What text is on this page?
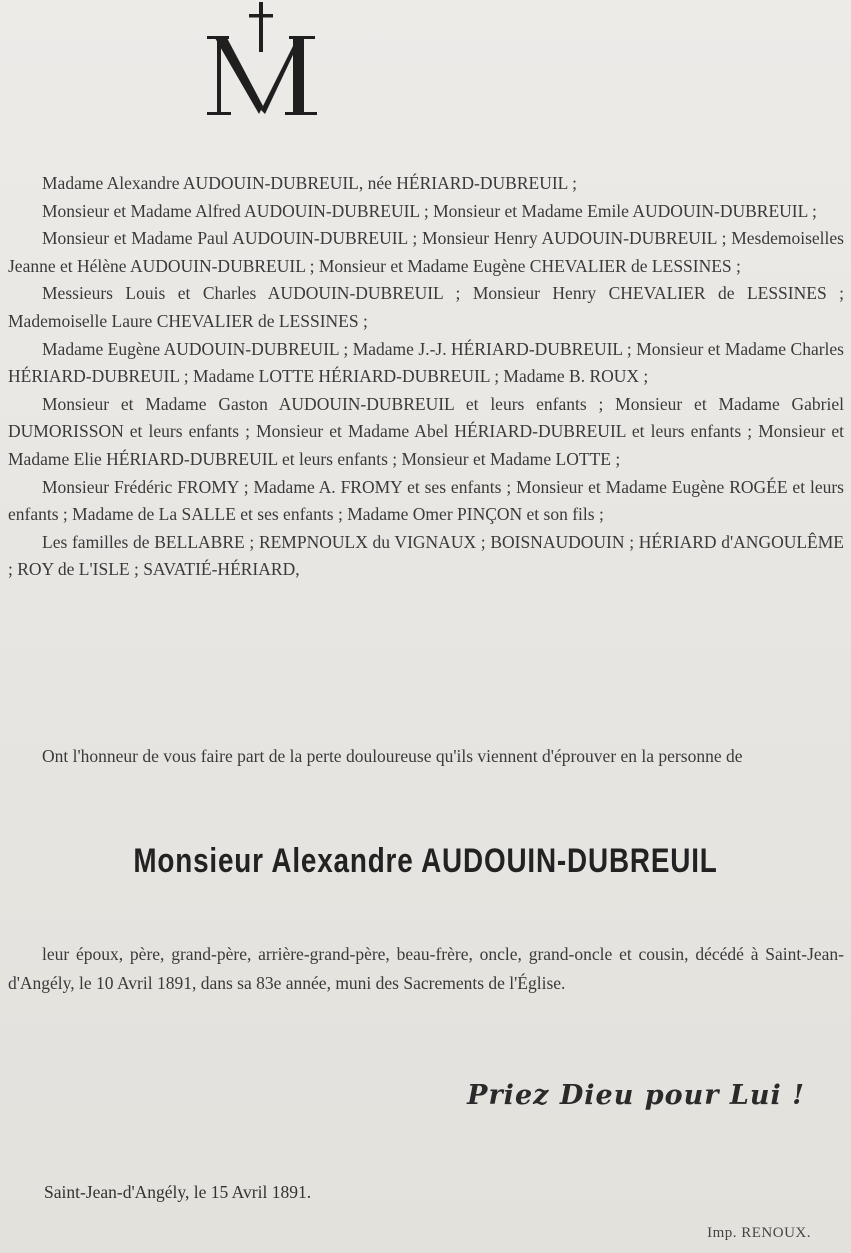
Madame Alexandre AUDOUIN-DUBREUIL, née HÉRIARD-DUBREUIL ;

Monsieur et Madame Alfred AUDOUIN-DUBREUIL ; Monsieur et Madame Emile AUDOUIN-DUBREUIL ;

Monsieur et Madame Paul AUDOUIN-DUBREUIL ; Monsieur Henry AUDOUIN-DUBREUIL ; Mesdemoiselles Jeanne et Hélène AUDOUIN-DUBREUIL ; Monsieur et Madame Eugène CHEVALIER de LESSINES ;

Messieurs Louis et Charles AUDOUIN-DUBREUIL ; Monsieur Henry CHEVALIER de LESSINES ; Mademoiselle Laure CHEVALIER de LESSINES ;

Madame Eugène AUDOUIN-DUBREUIL ; Madame J.-J. HÉRIARD-DUBREUIL ; Monsieur et Madame Charles HÉRIARD-DUBREUIL ; Madame LOTTE HÉRIARD-DUBREUIL ; Madame B. ROUX ;

Monsieur et Madame Gaston AUDOUIN-DUBREUIL et leurs enfants ; Monsieur et Madame Gabriel DUMORISSON et leurs enfants ; Monsieur et Madame Abel HÉRIARD-DUBREUIL et leurs enfants ; Monsieur et Madame Elie HÉRIARD-DUBREUIL et leurs enfants ; Monsieur et Madame LOTTE ;

Monsieur Frédéric FROMY ; Madame A. FROMY et ses enfants ; Monsieur et Madame Eugène ROGÉE et leurs enfants ; Madame de La SALLE et ses enfants ; Madame Omer PINÇON et son fils ;

Les familles de BELLABRE ; REMPNOULX du VIGNAUX ; BOISNAUDOUIN ; HÉRIARD d'ANGOULÊME ; ROY de L'ISLE ; SAVATIÉ-HÉRIARD,

Ont l'honneur de vous faire part de la perte douloureuse qu'ils viennent d'éprouver en la personne de
Monsieur Alexandre AUDOUIN-DUBREUIL
leur époux, père, grand-père, arrière-grand-père, beau-frère, oncle, grand-oncle et cousin, décédé à Saint-Jean-d'Angély, le 10 Avril 1891, dans sa 83e année, muni des Sacrements de l'Église.
Priez Dieu pour Lui !
Saint-Jean-d'Angély, le 15 Avril 1891.
Imp. RENOUX.
